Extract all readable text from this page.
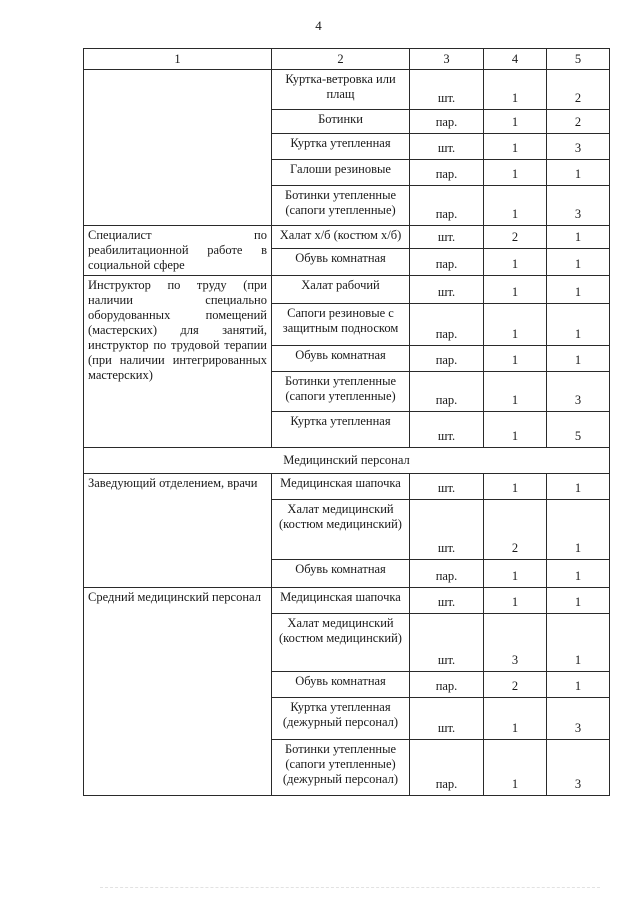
4
1	2	3	4	5
	Куртка-ветровка или плащ	шт.	1	2
	Ботинки	пар.	1	2
	Куртка утепленная	шт.	1	3
	Галоши резиновые	пар.	1	1
	Ботинки утепленные (сапоги утепленные)	пар.	1	3
Специалист по реабилитационной работе в социальной сфере	Халат х/б (костюм х/б)	шт.	2	1
	Обувь комнатная	пар.	1	1
Инструктор по труду (при наличии специально оборудованных помещений (мастерских) для занятий, инструктор по трудовой терапии (при наличии интегрированных мастерских)	Халат рабочий	шт.	1	1
	Сапоги резиновые с защитным подноском	пар.	1	1
	Обувь комнатная	пар.	1	1
	Ботинки утепленные (сапоги утепленные)	пар.	1	3
	Куртка утепленная	шт.	1	5
Медицинский персонал				
Заведующий отделением, врачи	Медицинская шапочка	шт.	1	1
	Халат медицинский (костюм медицинский)	шт.	2	1
	Обувь комнатная	пар.	1	1
Средний медицинский персонал	Медицинская шапочка	шт.	1	1
	Халат медицинский (костюм медицинский)	шт.	3	1
	Обувь комнатная	пар.	2	1
	Куртка утепленная (дежурный персонал)	шт.	1	3
	Ботинки утепленные (сапоги утепленные) (дежурный персонал)	пар.	1	3
